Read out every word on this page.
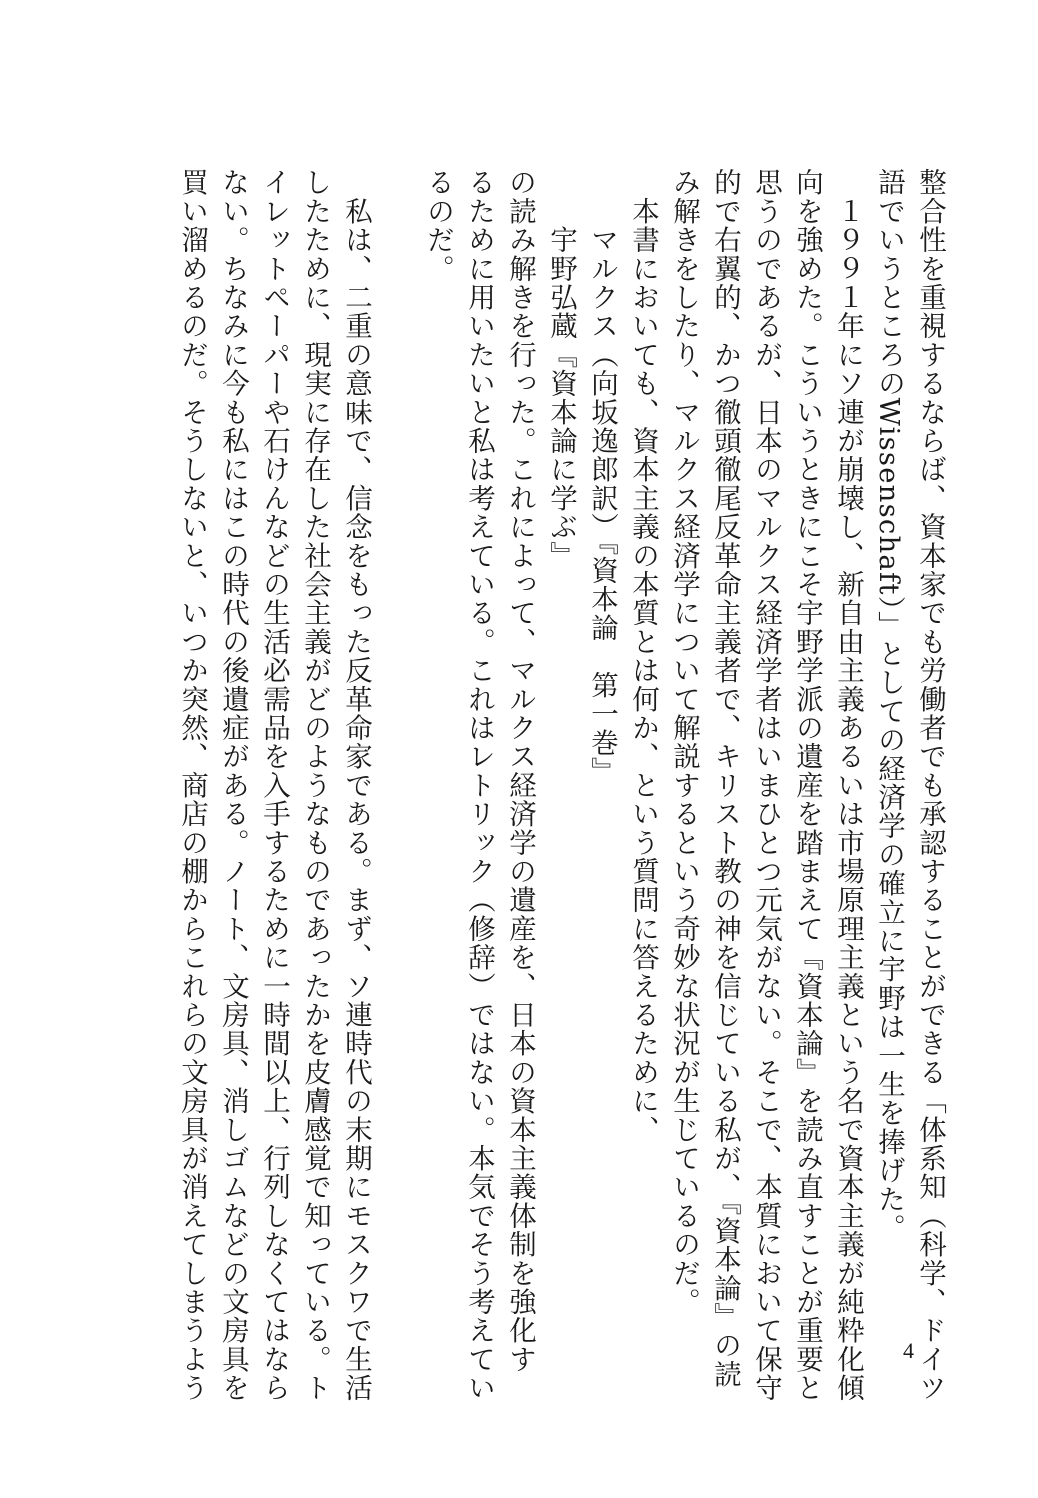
整合性を重視するならば、資本家でも労働者でも承認することができる「体系知（科学、ドイツ
語でいうところのWissenschaft）」としての経済学の確立に宇野は一生を捧げた。
　１９９１年にソ連が崩壊し、新自由主義あるいは市場原理主義という名で資本主義が純粋化傾
向を強めた。こういうときにこそ宇野学派の遺産を踏まえて『資本論』を読み直すことが重要と
思うのであるが、日本のマルクス経済学者はいまひとつ元気がない。そこで、本質において保守
的で右翼的、かつ徹頭徹尾反革命主義者で、キリスト教の神を信じている私が、『資本論』の読
み解きをしたり、マルクス経済学について解説するという奇妙な状況が生じているのだ。
　本書においても、資本主義の本質とは何か、という質問に答えるために、
　　マルクス（向坂逸郎訳）『資本論　第一巻』
　　宇野弘蔵『資本論に学ぶ』
の読み解きを行った。これによって、マルクス経済学の遺産を、日本の資本主義体制を強化す
るために用いたいと私は考えている。これはレトリック（修辞）ではない。本気でそう考えてい
るのだ。
　私は、二重の意味で、信念をもった反革命家である。まず、ソ連時代の末期にモスクワで生活
したために、現実に存在した社会主義がどのようなものであったかを皮膚感覚で知っている。ト
イレットペーパーや石けんなどの生活必需品を入手するために一時間以上、行列しなくてはなら
ない。ちなみに今も私にはこの時代の後遺症がある。ノート、文房具、消しゴムなどの文房具を
買い溜めるのだ。そうしないと、いつか突然、商店の棚からこれらの文房具が消えてしまうよう	4
